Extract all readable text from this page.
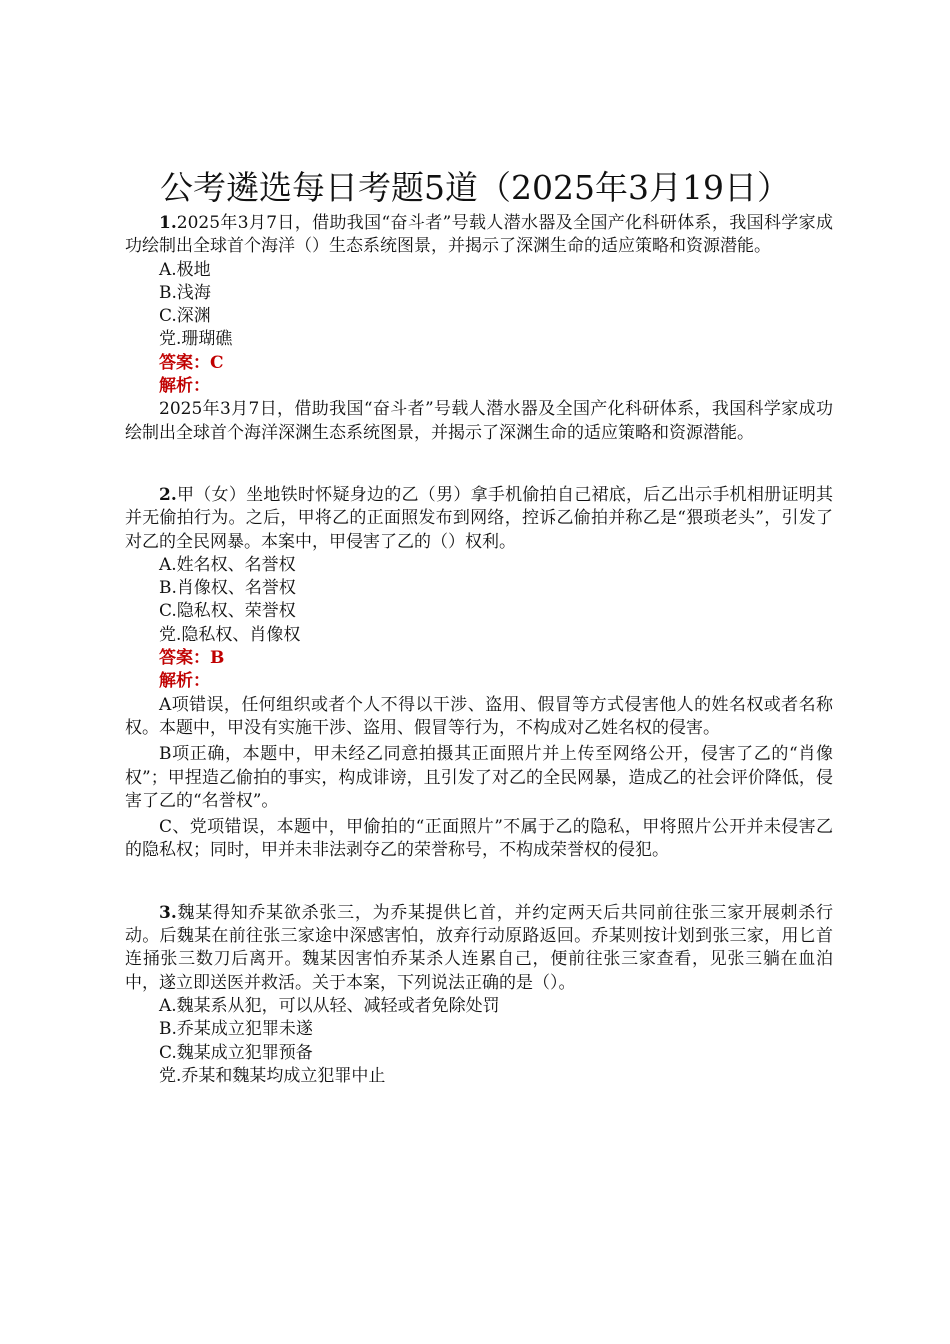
公考遴选每日考题5道（2025年3月19日）

1.2025年3月7日，借助我国“奋斗者”号载人潜水器及全国产化科研体系，我国科学家成功绘制出全球首个海洋（）生态系统图景，并揭示了深渊生命的适应策略和资源潜能。

A.极地

B.浅海

C.深渊

党.珊瑚礁

答案：C

解析：

2025年3月7日，借助我国“奋斗者”号载人潜水器及全国产化科研体系，我国科学家成功绘制出全球首个海洋深渊生态系统图景，并揭示了深渊生命的适应策略和资源潜能。

2.甲（女）坐地铁时怀疑身边的乙（男）拿手机偷拍自己裙底，后乙出示手机相册证明其并无偷拍行为。之后，甲将乙的正面照发布到网络，控诉乙偷拍并称乙是“猥琐老头”，引发了对乙的全民网暴。本案中，甲侵害了乙的（）权利。

A.姓名权、名誉权

B.肖像权、名誉权

C.隐私权、荣誉权

党.隐私权、肖像权

答案：B

解析：

A项错误，任何组织或者个人不得以干涉、盗用、假冒等方式侵害他人的姓名权或者名称权。本题中，甲没有实施干涉、盗用、假冒等行为，不构成对乙姓名权的侵害。

B项正确，本题中，甲未经乙同意拍摄其正面照片并上传至网络公开，侵害了乙的“肖像权”；甲捏造乙偷拍的事实，构成诽谤，且引发了对乙的全民网暴，造成乙的社会评价降低，侵害了乙的“名誉权”。

C、党项错误，本题中，甲偷拍的“正面照片”不属于乙的隐私，甲将照片公开并未侵害乙的隐私权；同时，甲并未非法剥夺乙的荣誉称号，不构成荣誉权的侵犯。

3.魏某得知乔某欲杀张三，为乔某提供匕首，并约定两天后共同前往张三家开展刺杀行动。后魏某在前往张三家途中深感害怕，放弃行动原路返回。乔某则按计划到张三家，用匕首连捅张三数刀后离开。魏某因害怕乔某杀人连累自己，便前往张三家查看，见张三躺在血泊中，遂立即送医并救活。关于本案，下列说法正确的是（）。

A.魏某系从犯，可以从轻、减轻或者免除处罚

B.乔某成立犯罪未遂

C.魏某成立犯罪预备

党.乔某和魏某均成立犯罪中止
